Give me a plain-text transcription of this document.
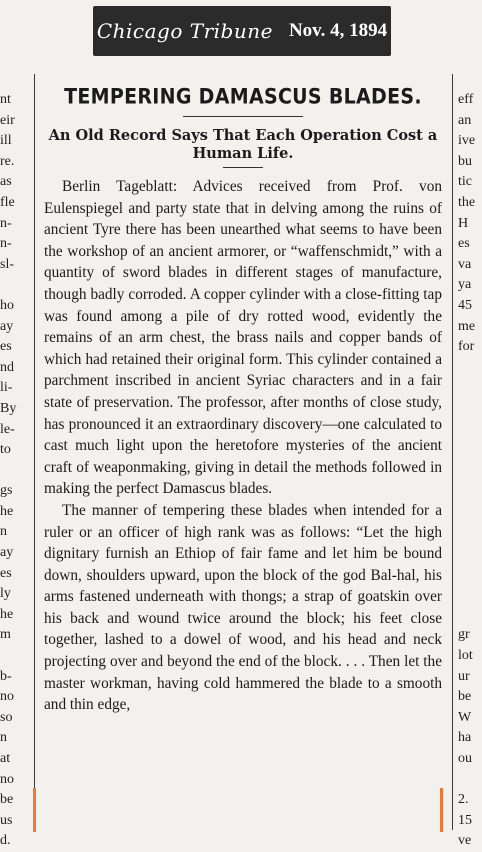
Chicago Tribune Nov. 4, 1894
nt
eir
ill
re.
as
fle
n-
n-
sl-
ho
ay
es
nd
li-
By
le-
to
gs
he
n
ay
es
ly
he
m
b-
no
so
n
at
no
be
us
d.
eff
an
ive
bu
tic
the
H
es
va
ya
45
me
for
gr
lot
ur
be
W
ha
ou
2.
15
ve
TEMPERING DAMASCUS BLADES.
An Old Record Says That Each Operation Cost a Human Life.

Berlin Tageblatt: Advices received from Prof. von Eulenspiegel and party state that in delving among the ruins of ancient Tyre there has been unearthed what seems to have been the workshop of an ancient armorer, or “waffenschmidt,” with a quantity of sword blades in different stages of manufacture, though badly corroded. A copper cylinder with a close-fitting tap was found among a pile of dry rotted wood, evidently the remains of an arm chest, the brass nails and copper bands of which had retained their original form. This cylinder contained a parchment inscribed in ancient Syriac characters and in a fair state of preservation. The professor, after months of close study, has pronounced it an extraordinary discovery—one calculated to cast much light upon the heretofore mysteries of the ancient craft of weaponmaking, giving in detail the methods followed in making the perfect Damascus blades.

The manner of tempering these blades when intended for a ruler or an officer of high rank was as follows: “Let the high dignitary furnish an Ethiop of fair fame and let him be bound down, shoulders upward, upon the block of the god Bal-hal, his arms fastened underneath with thongs; a strap of goatskin over his back and wound twice around the block; his feet close together, lashed to a dowel of wood, and his head and neck projecting over and beyond the end of the block. . . . Then let the master workman, having cold hammered the blade to a smooth and thin edge,
